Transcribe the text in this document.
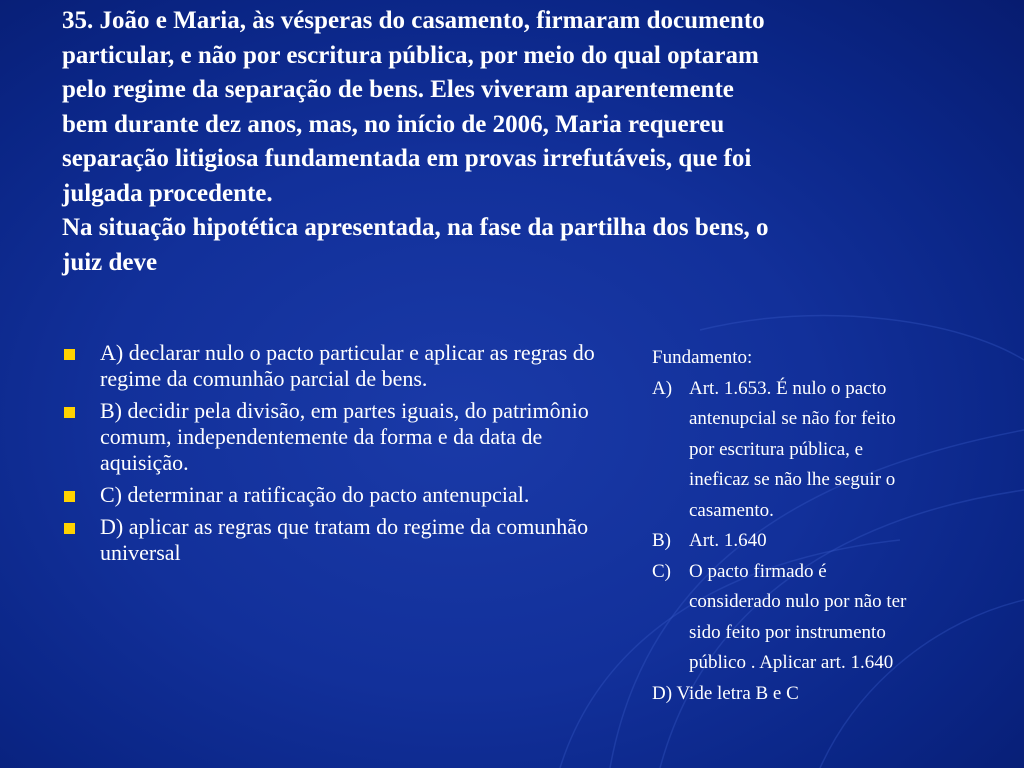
35. João e Maria, às vésperas do casamento, firmaram documento
particular, e não por escritura pública, por meio do qual optaram
pelo regime da separação de bens. Eles viveram aparentemente
bem durante dez anos, mas, no início de 2006, Maria requereu
separação litigiosa fundamentada em provas irrefutáveis, que foi
julgada procedente.
Na situação hipotética apresentada, na fase da partilha dos bens, o
juiz deve
A) declarar nulo o pacto particular e aplicar as regras do regime da comunhão parcial de bens.
B) decidir pela divisão, em partes iguais, do patrimônio comum, independentemente da forma e da data de aquisição.
C) determinar a ratificação do pacto antenupcial.
D) aplicar as regras que tratam do regime da comunhão universal
Fundamento:
A) Art. 1.653. É nulo o pacto
antenupcial se não for feito
por escritura pública, e
ineficaz se não lhe seguir o
casamento.
B) Art. 1.640
C) O pacto firmado é
considerado nulo por não ter
sido feito por instrumento
público . Aplicar art. 1.640
D) Vide letra B e C
